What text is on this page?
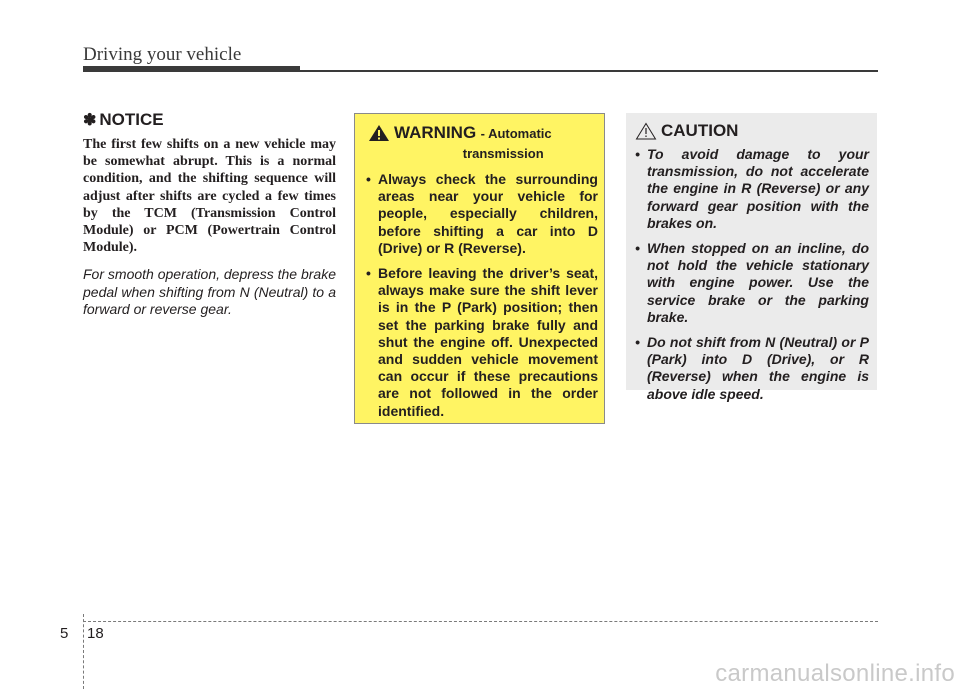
Driving your vehicle
✽ NOTICE

The first few shifts on a new vehicle may be somewhat abrupt. This is a normal condition, and the shifting sequence will adjust after shifts are cycled a few times by the TCM (Transmission Control Module) or PCM (Powertrain Control Module).

For smooth operation, depress the brake pedal when shifting from N (Neutral) to a forward or reverse gear.

WARNING - Automatic
transmission
• Always check the surrounding areas near your vehicle for people, especially children, before shifting a car into D (Drive) or R (Reverse).
• Before leaving the driver’s seat, always make sure the shift lever is in the P (Park) position; then set the parking brake fully and shut the engine off. Unexpected and sudden vehicle movement can occur if these precautions are not followed in the order identified.
CAUTION
• To avoid damage to your transmission, do not accelerate the engine in R (Reverse) or any forward gear position with the brakes on.
• When stopped on an incline, do not hold the vehicle stationary with engine power. Use the service brake or the parking brake.
• Do not shift from N (Neutral) or P (Park) into D (Drive), or R (Reverse) when the engine is above idle speed.
5 18
carmanualsonline.info
